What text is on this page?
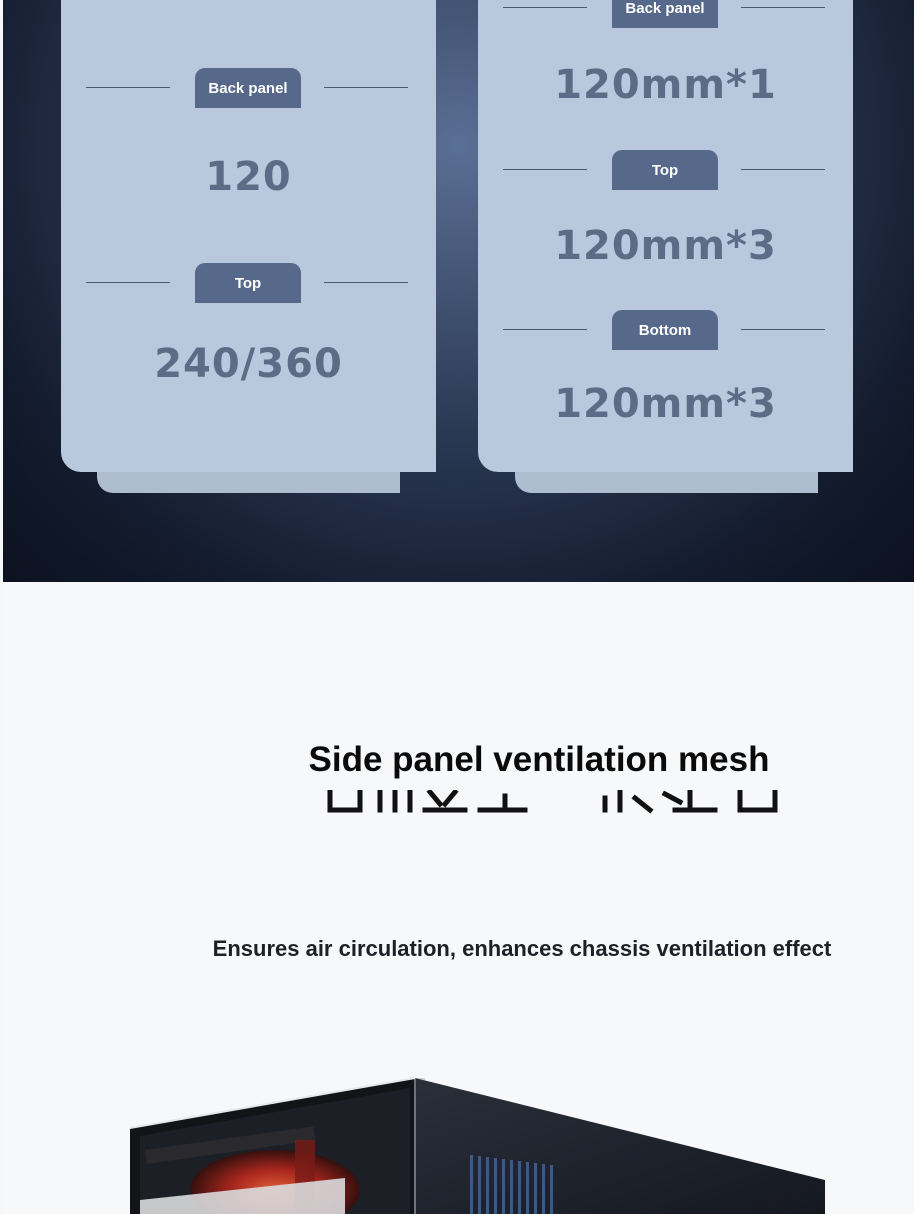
Back panel
120
Top
240/360
Back panel
120mm*1
Top
120mm*3
Bottom
120mm*3
Side panel ventilation mesh
Ensures air circulation, enhances chassis ventilation effect
